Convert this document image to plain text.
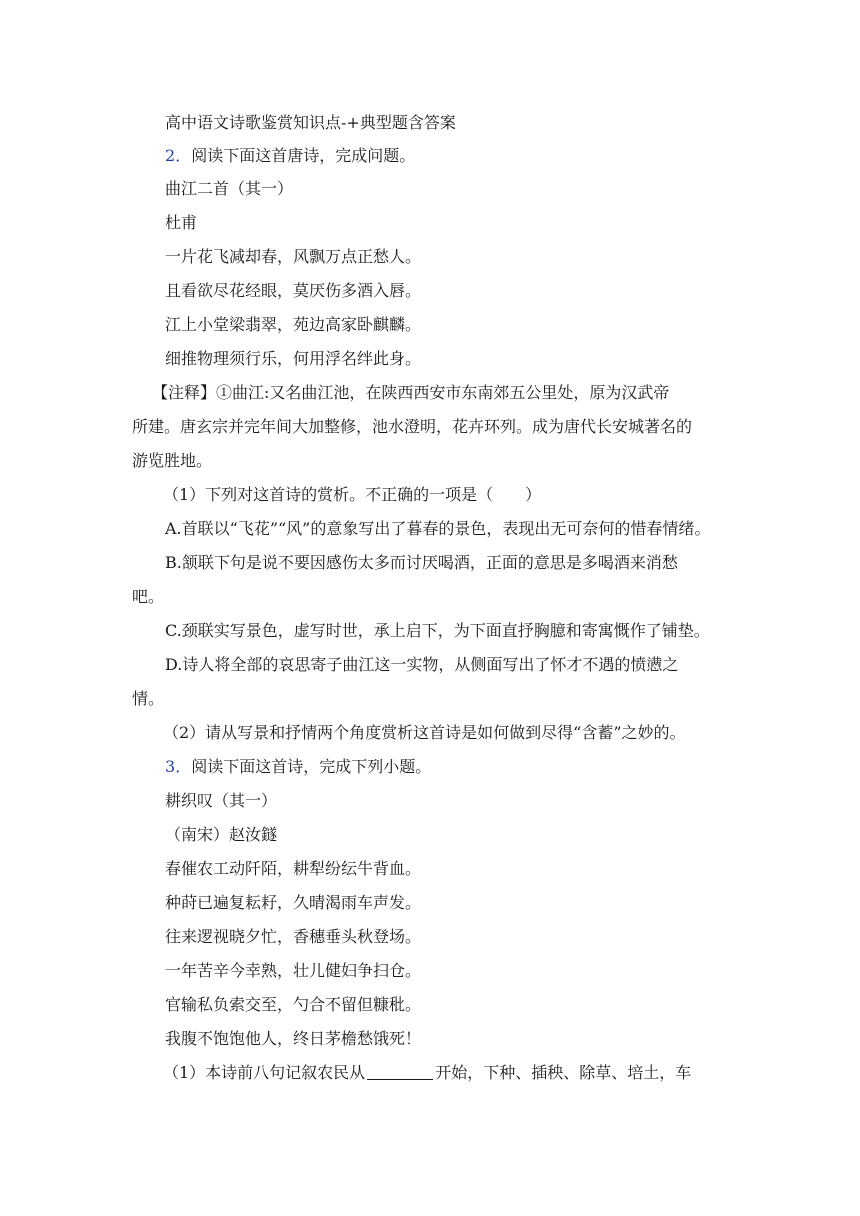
高中语文诗歌鉴赏知识点-+典型题含答案
2．阅读下面这首唐诗，完成问题。
曲江二首（其一）
杜甫
一片花飞减却春，风飘万点正愁人。
且看欲尽花经眼，莫厌伤多酒入唇。
江上小堂梁翡翠，苑边高家卧麒麟。
细推物理须行乐，何用浮名绊此身。
【注释】①曲江:又名曲江池，在陕西西安市东南郊五公里处，原为汉武帝
所建。唐玄宗并完年间大加整修，池水澄明，花卉环列。成为唐代长安城著名的
游览胜地。
（1）下列对这首诗的赏析。不正确的一项是（　　）
A.首联以“飞花”“风”的意象写出了暮春的景色，表现出无可奈何的惜春情绪。
B.颔联下句是说不要因感伤太多而讨厌喝酒，正面的意思是多喝酒来消愁
吧。
C.颈联实写景色，虚写时世，承上启下，为下面直抒胸臆和寄寓慨作了铺垫。
D.诗人将全部的哀思寄子曲江这一实物，从侧面写出了怀才不遇的愤懑之
情。
（2）请从写景和抒情两个角度赏析这首诗是如何做到尽得“含蓄”之妙的。
3．阅读下面这首诗，完成下列小题。
耕织叹（其一）
（南宋）赵汝鐩
春催农工动阡陌，耕犁纷纭牛背血。
种莳已遍复耘耔，久晴渴雨车声发。
往来逻视晓夕忙，香穗垂头秋登场。
一年苦辛今幸熟，壮儿健妇争扫仓。
官输私负索交至，勺合不留但糠秕。
我腹不饱饱他人，终日茅檐愁饿死！
（1）本诗前八句记叙农民从	开始，下种、插秧、除草、培土，车
